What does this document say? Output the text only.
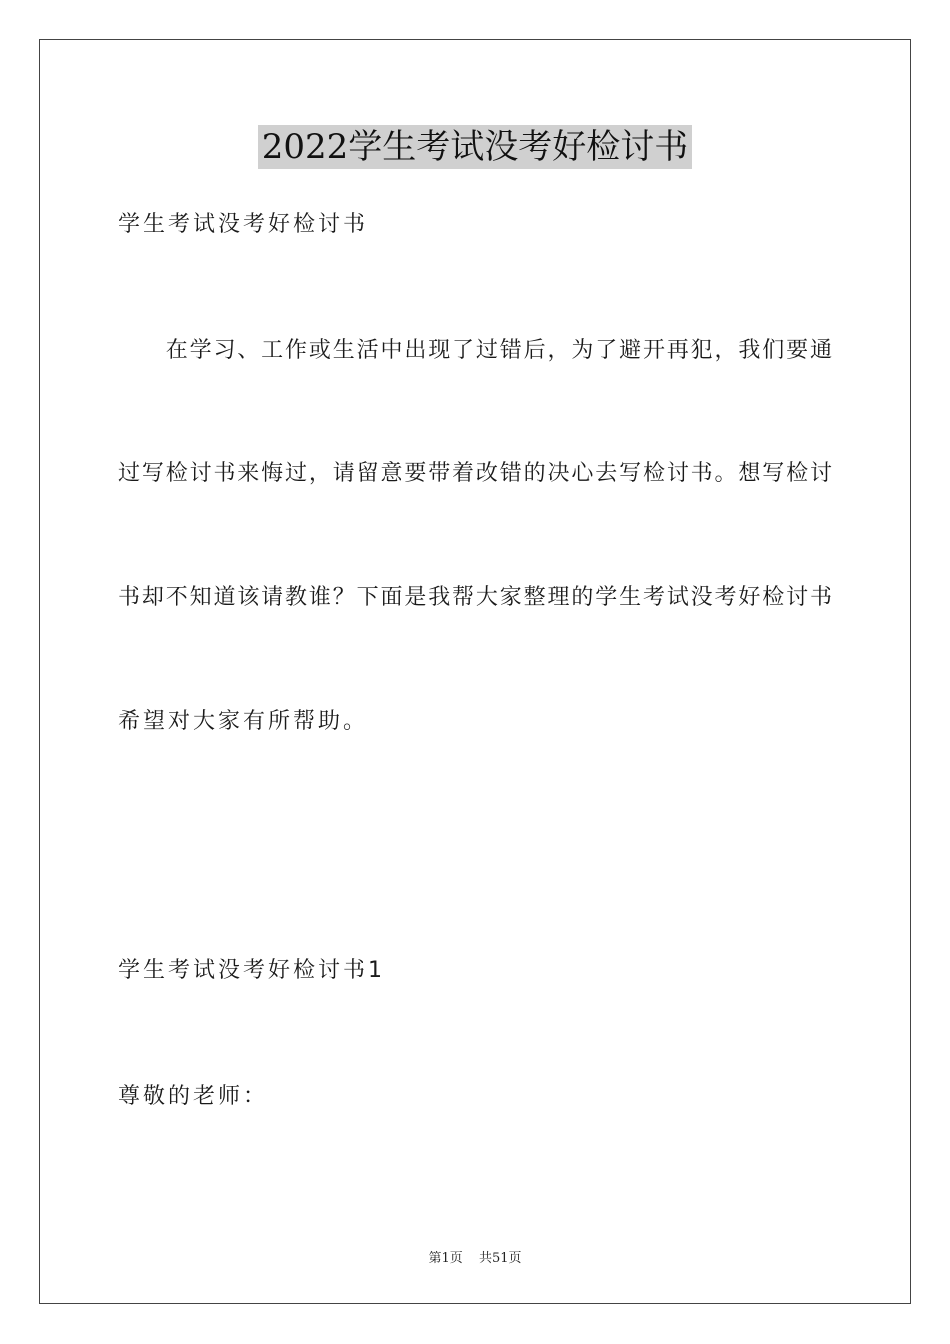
2022学生考试没考好检讨书
学生考试没考好检讨书
　　在学习、工作或生活中出现了过错后，为了避开再犯，我们要通
过写检讨书来悔过，请留意要带着改错的决心去写检讨书。想写检讨
书却不知道该请教谁？下面是我帮大家整理的学生考试没考好检讨书
希望对大家有所帮助。
学生考试没考好检讨书1
尊敬的老师：
第1页 共51页
